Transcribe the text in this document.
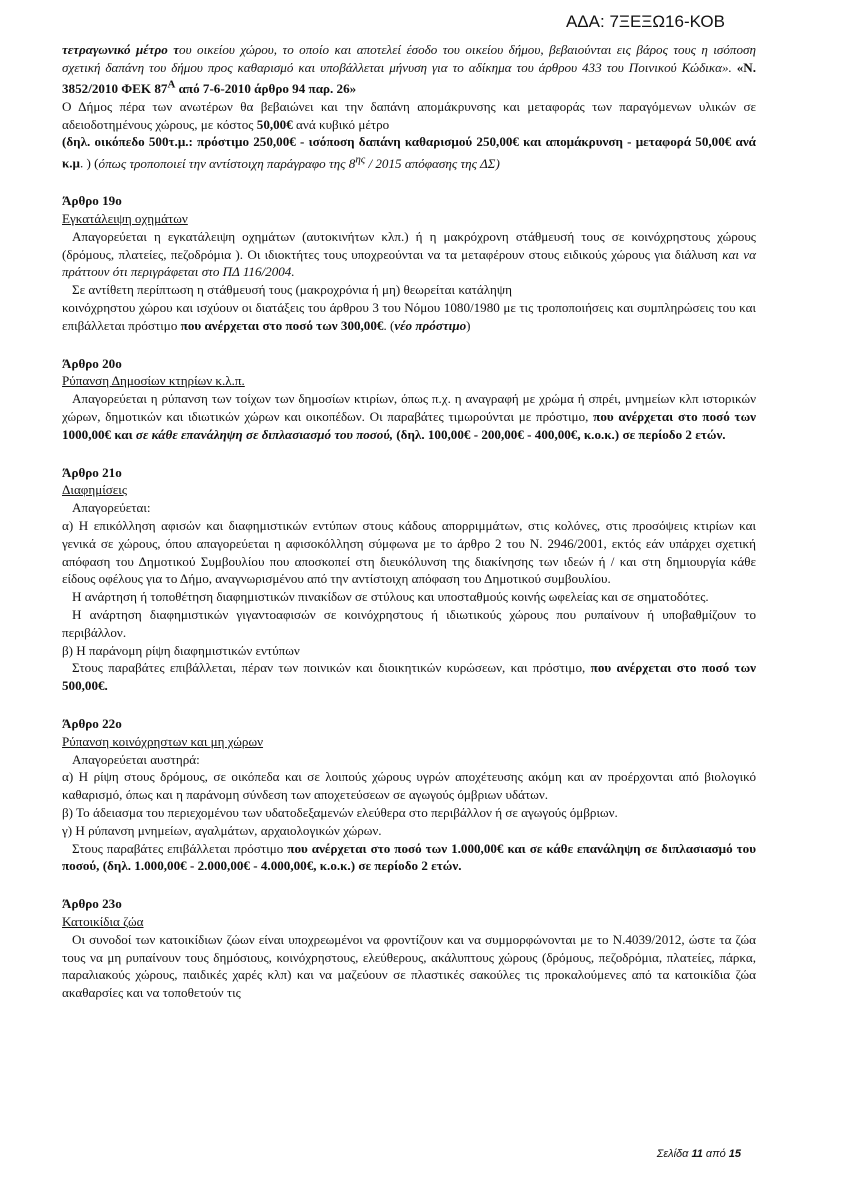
ΑΔΑ: 7ΞΕΞΩ16-ΚΟΒ

τετραγωνικό μέτρο του οικείου χώρου, το οποίο και αποτελεί έσοδο του οικείου δήμου, βεβαιούνται εις βάρος τους η ισόποση σχετική δαπάνη του δήμου προς καθαρισμό και υποβάλλεται μήνυση για το αδίκημα του άρθρου 433 του Ποινικού Κώδικα». «Ν. 3852/2010 ΦΕΚ $87^A$ από 7-6-2010 άρθρο 94 παρ. 26»

Ο Δήμος πέρα των ανωτέρων θα βεβαιώνει και την δαπάνη απομάκρυνσης και μεταφοράς των παραγόμενων υλικών σε αδειοδοτημένους χώρους, με κόστος 50,00€ ανά κυβικό μέτρο

(δηλ. οικόπεδο 500τ.μ.: πρόστιμο 250,00€ - ισόποση δαπάνη καθαρισμού 250,00€ και απομάκρυνση - μεταφορά 50,00€ ανά κ.μ. ) (όπως τροποποιεί την αντίστοιχη παράγραφο της $8^{\eta\varsigma} / 2015$ απόφασης της ΔΣ)

Άρθρο 19ο

Εγκατάλειψη οχημάτων

Απαγορεύεται η εγκατάλειψη οχημάτων (αυτοκινήτων κλπ.) ή η μακρόχρονη στάθμευσή τους σε κοινόχρηστους χώρους (δρόμους, πλατείες, πεζοδρόμια ). Οι ιδιοκτήτες τους υποχρεούνται να τα μεταφέρουν στους ειδικούς χώρους για διάλυση και να πράττουν ότι περιγράφεται στο ΠΔ 116/2004.

Σε αντίθετη περίπτωση η στάθμευσή τους (μακροχρόνια ή μη) θεωρείται κατάληψη

κοινόχρηστου χώρου και ισχύουν οι διατάξεις του άρθρου 3 του Νόμου 1080/1980 με τις τροποποιήσεις και συμπληρώσεις του και επιβάλλεται πρόστιμο που ανέρχεται στο ποσό των 300,00€. (νέο πρόστιμο)

Άρθρο 20ο

Ρύπανση Δημοσίων κτηρίων κ.λ.π.

Απαγορεύεται η ρύπανση των τοίχων των δημοσίων κτιρίων, όπως π.χ. η αναγραφή με χρώμα ή σπρέι, μνημείων κλπ ιστορικών χώρων, δημοτικών και ιδιωτικών χώρων και οικοπέδων. Οι παραβάτες τιμωρούνται με πρόστιμο, που ανέρχεται στο ποσό των 1000,00€ και σε κάθε επανάληψη σε διπλασιασμό του ποσού, (δηλ. 100,00€ - 200,00€ - 400,00€, κ.ο.κ.) σε περίοδο 2 ετών.

Άρθρο 21ο

Διαφημίσεις

Απαγορεύεται:

α) Η επικόλληση αφισών και διαφημιστικών εντύπων στους κάδους απορριμμάτων, στις κολόνες, στις προσόψεις κτιρίων και γενικά σε χώρους, όπου απαγορεύεται η αφισοκόλληση σύμφωνα με το άρθρο 2 του Ν. 2946/2001, εκτός εάν υπάρχει σχετική απόφαση του Δημοτικού Συμβουλίου που αποσκοπεί στη διευκόλυνση της διακίνησης των ιδεών ή / και στη δημιουργία κάθε είδους οφέλους για το Δήμο, αναγνωρισμένου από την αντίστοιχη απόφαση του Δημοτικού συμβουλίου.

Η ανάρτηση ή τοποθέτηση διαφημιστικών πινακίδων σε στύλους και υποσταθμούς κοινής ωφελείας και σε σηματοδότες.

Η ανάρτηση διαφημιστικών γιγαντοαφισών σε κοινόχρηστους ή ιδιωτικούς χώρους που ρυπαίνουν ή υποβαθμίζουν το περιβάλλον.

β) Η παράνομη ρίψη διαφημιστικών εντύπων

Στους παραβάτες επιβάλλεται, πέραν των ποινικών και διοικητικών κυρώσεων, και πρόστιμο, που ανέρχεται στο ποσό των 500,00€.

Άρθρο 22ο

Ρύπανση κοινόχρηστων και μη χώρων

Απαγορεύεται αυστηρά:

α) Η ρίψη στους δρόμους, σε οικόπεδα και σε λοιπούς χώρους υγρών αποχέτευσης ακόμη και αν προέρχονται από βιολογικό καθαρισμό, όπως και η παράνομη σύνδεση των αποχετεύσεων σε αγωγούς όμβριων υδάτων.

β) Το άδειασμα του περιεχομένου των υδατοδεξαμενών ελεύθερα στο περιβάλλον ή σε αγωγούς όμβριων.

γ) Η ρύπανση μνημείων, αγαλμάτων, αρχαιολογικών χώρων.

Στους παραβάτες επιβάλλεται πρόστιμο που ανέρχεται στο ποσό των 1.000,00€ και σε κάθε επανάληψη σε διπλασιασμό του ποσού, (δηλ. 1.000,00€ - 2.000,00€ - 4.000,00€, κ.ο.κ.) σε περίοδο 2 ετών.

Άρθρο 23ο

Κατοικίδια ζώα

Οι συνοδοί των κατοικίδιων ζώων είναι υποχρεωμένοι να φροντίζουν και να συμμορφώνονται με το Ν.4039/2012, ώστε τα ζώα τους να μη ρυπαίνουν τους δημόσιους, κοινόχρηστους, ελεύθερους, ακάλυπτους χώρους (δρόμους, πεζοδρόμια, πλατείες, πάρκα, παραλιακούς χώρους, παιδικές χαρές κλπ) και να μαζεύουν σε πλαστικές σακούλες τις προκαλούμενες από τα κατοικίδια ζώα ακαθαρσίες και να τοποθετούν τις

Σελίδα 11 από 15
